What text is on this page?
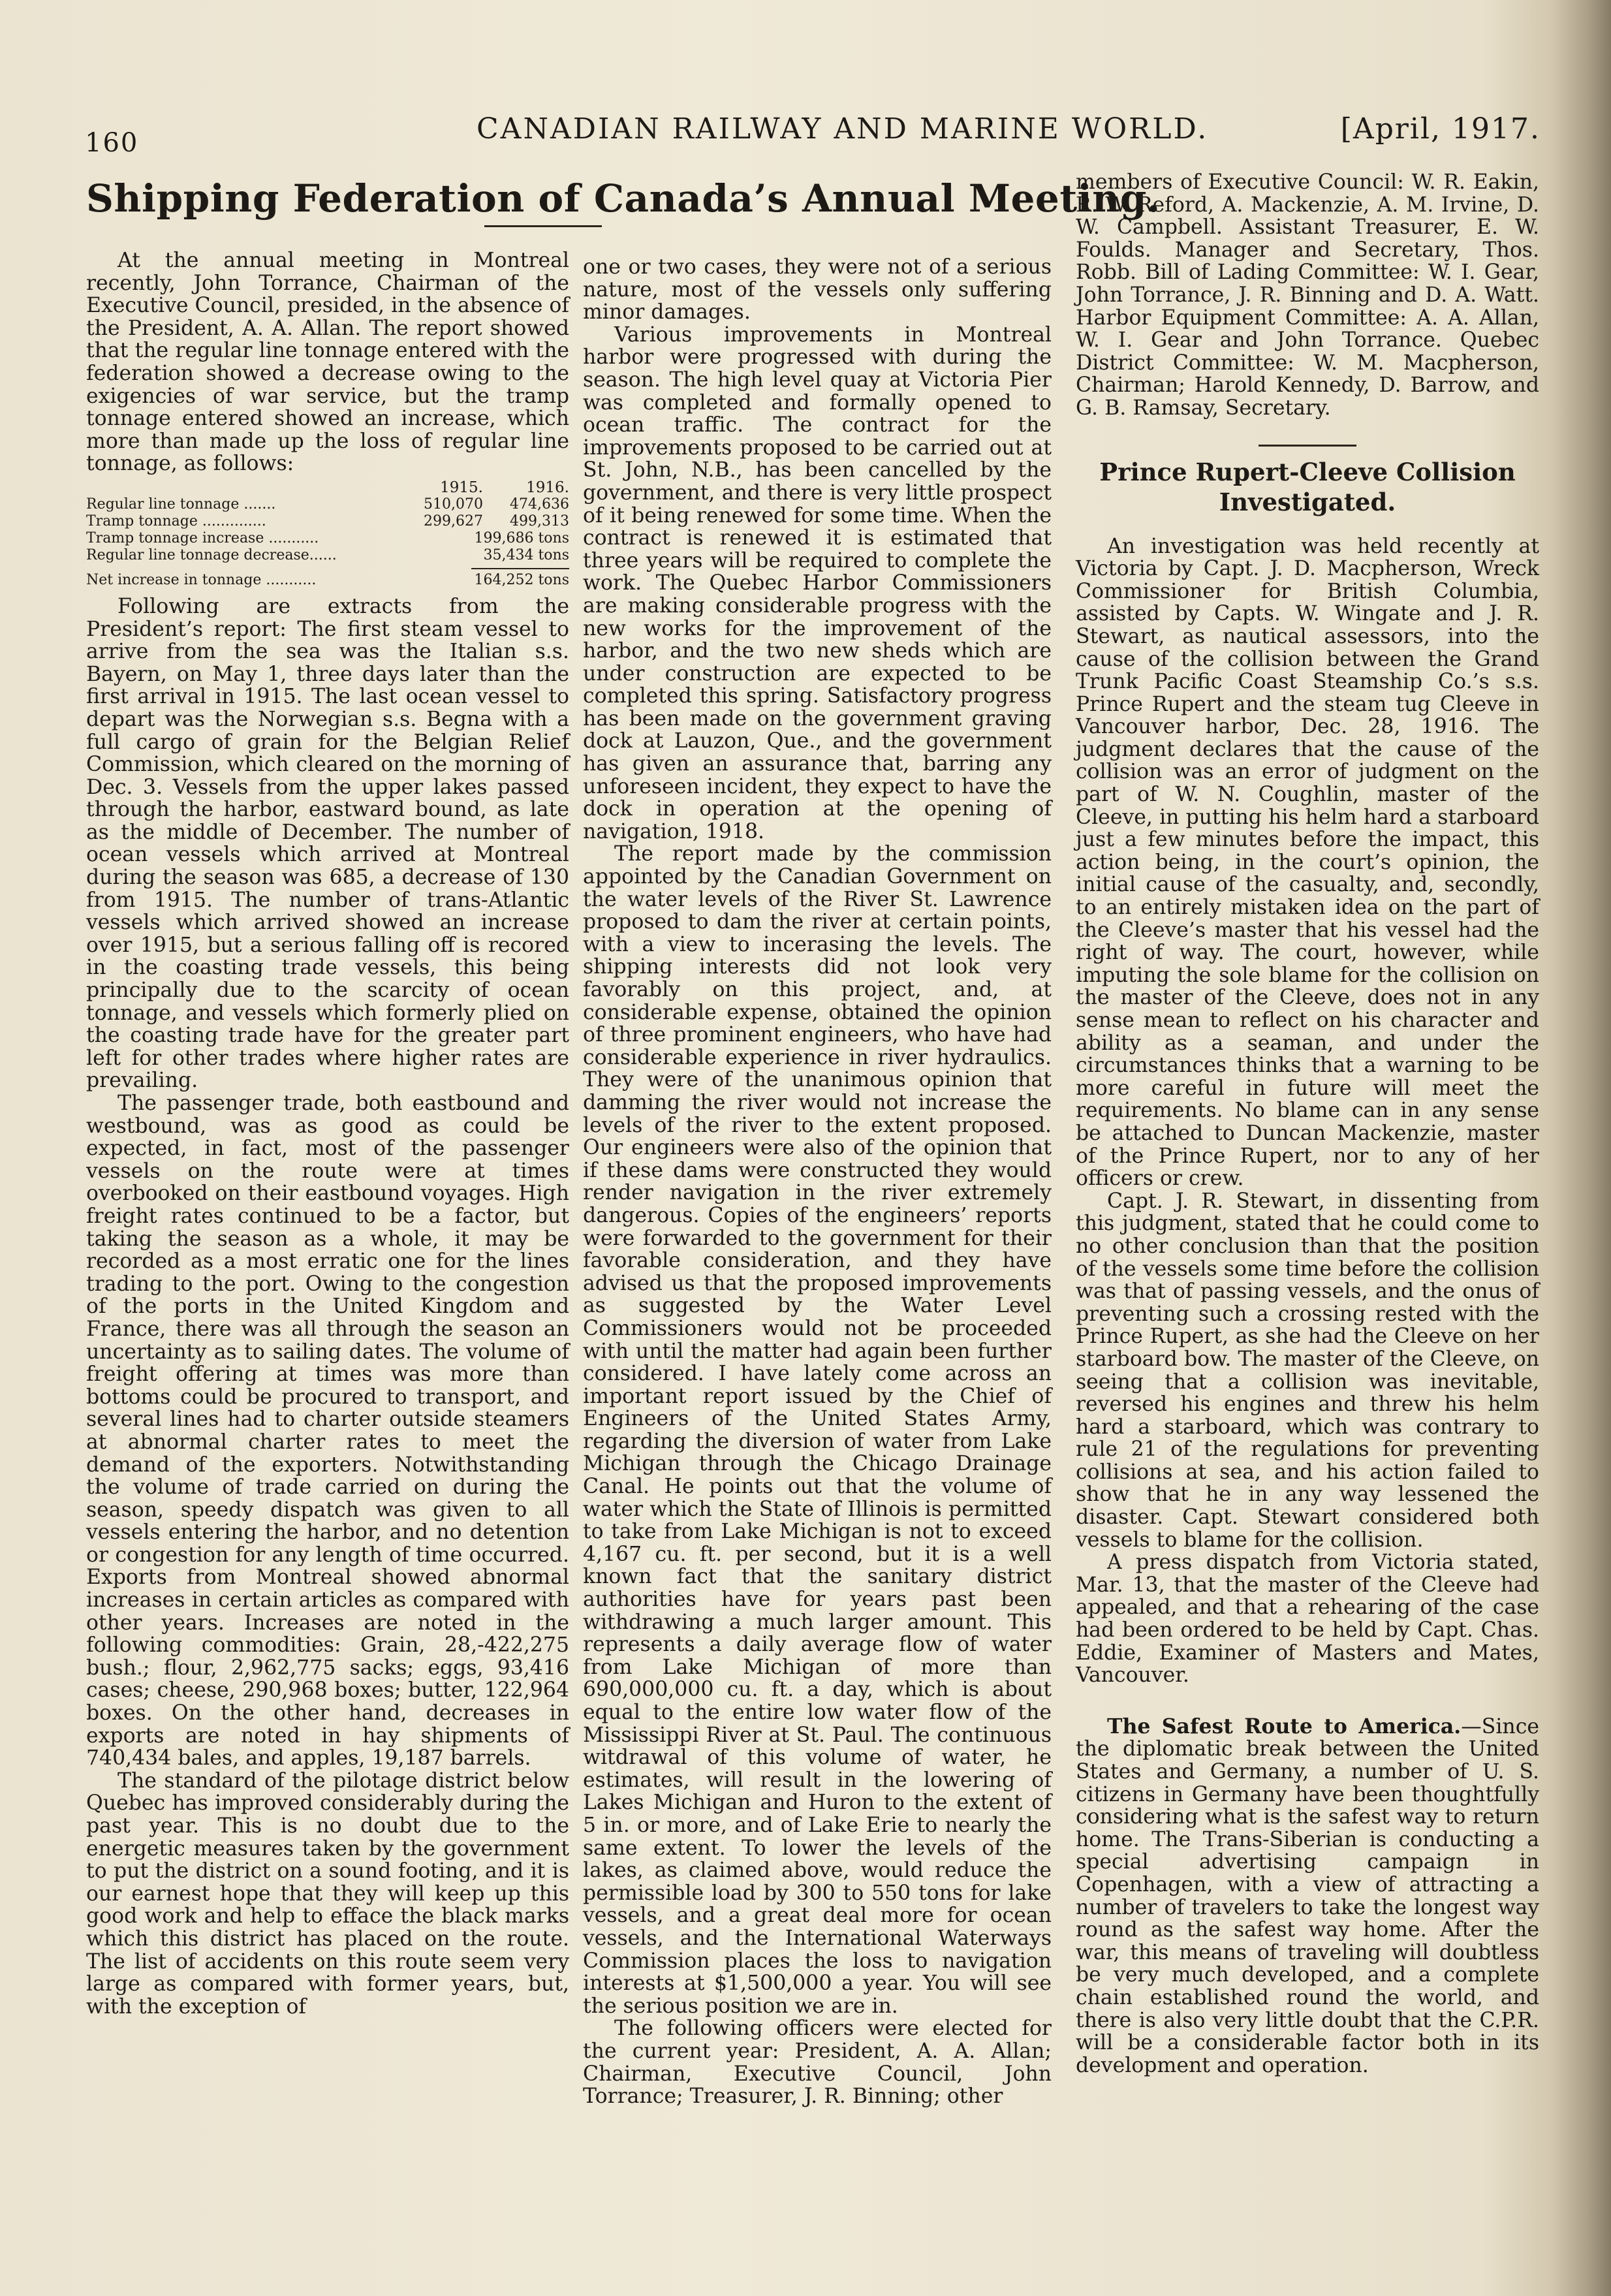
160	CANADIAN RAILWAY AND MARINE WORLD.	[April, 1917.
Shipping Federation of Canada’s Annual Meeting.

At the annual meeting in Montreal recently, John Torrance, Chairman of the Executive Council, presided, in the absence of the President, A. A. Allan. The report showed that the regular line tonnage entered with the federation showed a decrease owing to the exigencies of war service, but the tramp tonnage entered showed an increase, which more than made up the loss of regular line tonnage, as follows:

1915.	1916.
Regular line tonnage .......	510,070	474,636
Tramp tonnage ..............	299,627	499,313
Tramp tonnage increase ...........	199,686 tons
Regular line tonnage decrease......	35,434 tons
Net increase in tonnage ...........	164,252 tons

Following are extracts from the President’s report: The first steam vessel to arrive from the sea was the Italian s.s. Bayern, on May 1, three days later than the first arrival in 1915. The last ocean vessel to depart was the Norwegian s.s. Begna with a full cargo of grain for the Belgian Relief Commission, which cleared on the morning of Dec. 3. Vessels from the upper lakes passed through the harbor, eastward bound, as late as the middle of December. The number of ocean vessels which arrived at Montreal during the season was 685, a decrease of 130 from 1915. The number of trans-Atlantic vessels which arrived showed an increase over 1915, but a serious falling off is recored in the coasting trade vessels, this being principally due to the scarcity of ocean tonnage, and vessels which formerly plied on the coasting trade have for the greater part left for other trades where higher rates are prevailing.

The passenger trade, both eastbound and westbound, was as good as could be expected, in fact, most of the passenger vessels on the route were at times overbooked on their eastbound voyages. High freight rates continued to be a factor, but taking the season as a whole, it may be recorded as a most erratic one for the lines trading to the port. Owing to the congestion of the ports in the United Kingdom and France, there was all through the season an uncertainty as to sailing dates. The volume of freight offering at times was more than bottoms could be procured to transport, and several lines had to charter outside steamers at abnormal charter rates to meet the demand of the exporters. Notwithstanding the volume of trade carried on during the season, speedy dispatch was given to all vessels entering the harbor, and no detention or congestion for any length of time occurred. Exports from Montreal showed abnormal increases in certain articles as compared with other years. Increases are noted in the following commodities: Grain, 28,-422,275 bush.; flour, 2,962,775 sacks; eggs, 93,416 cases; cheese, 290,968 boxes; butter, 122,964 boxes. On the other hand, decreases in exports are noted in hay shipments of 740,434 bales, and apples, 19,187 barrels.

The standard of the pilotage district below Quebec has improved considerably during the past year. This is no doubt due to the energetic measures taken by the government to put the district on a sound footing, and it is our earnest hope that they will keep up this good work and help to efface the black marks which this district has placed on the route. The list of accidents on this route seem very large as compared with former years, but, with the exception of

one or two cases, they were not of a serious nature, most of the vessels only suffering minor damages.

Various improvements in Montreal harbor were progressed with during the season. The high level quay at Victoria Pier was completed and formally opened to ocean traffic. The contract for the improvements proposed to be carried out at St. John, N.B., has been cancelled by the government, and there is very little prospect of it being renewed for some time. When the contract is renewed it is estimated that three years will be required to complete the work. The Quebec Harbor Commissioners are making considerable progress with the new works for the improvement of the harbor, and the two new sheds which are under construction are expected to be completed this spring. Satisfactory progress has been made on the government graving dock at Lauzon, Que., and the government has given an assurance that, barring any unforeseen incident, they expect to have the dock in operation at the opening of navigation, 1918.

The report made by the commission appointed by the Canadian Government on the water levels of the River St. Lawrence proposed to dam the river at certain points, with a view to incerasing the levels. The shipping interests did not look very favorably on this project, and, at considerable expense, obtained the opinion of three prominent engineers, who have had considerable experience in river hydraulics. They were of the unanimous opinion that damming the river would not increase the levels of the river to the extent proposed. Our engineers were also of the opinion that if these dams were constructed they would render navigation in the river extremely dangerous. Copies of the engineers’ reports were forwarded to the government for their favorable consideration, and they have advised us that the proposed improvements as suggested by the Water Level Commissioners would not be proceeded with until the matter had again been further considered. I have lately come across an important report issued by the Chief of Engineers of the United States Army, regarding the diversion of water from Lake Michigan through the Chicago Drainage Canal. He points out that the volume of water which the State of Illinois is permitted to take from Lake Michigan is not to exceed 4,167 cu. ft. per second, but it is a well known fact that the sanitary district authorities have for years past been withdrawing a much larger amount. This represents a daily average flow of water from Lake Michigan of more than 690,000,000 cu. ft. a day, which is about equal to the entire low water flow of the Mississippi River at St. Paul. The continuous witdrawal of this volume of water, he estimates, will result in the lowering of Lakes Michigan and Huron to the extent of 5 in. or more, and of Lake Erie to nearly the same extent. To lower the levels of the lakes, as claimed above, would reduce the permissible load by 300 to 550 tons for lake vessels, and a great deal more for ocean vessels, and the International Waterways Commission places the loss to navigation interests at $1,500,000 a year. You will see the serious position we are in.

The following officers were elected for the current year: President, A. A. Allan; Chairman, Executive Council, John Torrance; Treasurer, J. R. Binning; other

members of Executive Council: W. R. Eakin, R. W. Reford, A. Mackenzie, A. M. Irvine, D. W. Campbell. Assistant Treasurer, E. W. Foulds. Manager and Secretary, Thos. Robb. Bill of Lading Committee: W. I. Gear, John Torrance, J. R. Binning and D. A. Watt. Harbor Equipment Committee: A. A. Allan, W. I. Gear and John Torrance. Quebec District Committee: W. M. Macpherson, Chairman; Harold Kennedy, D. Barrow, and G. B. Ramsay, Secretary.

Prince Rupert-Cleeve Collision Investigated.

An investigation was held recently at Victoria by Capt. J. D. Macpherson, Wreck Commissioner for British Columbia, assisted by Capts. W. Wingate and J. R. Stewart, as nautical assessors, into the cause of the collision between the Grand Trunk Pacific Coast Steamship Co.’s s.s. Prince Rupert and the steam tug Cleeve in Vancouver harbor, Dec. 28, 1916. The judgment declares that the cause of the collision was an error of judgment on the part of W. N. Coughlin, master of the Cleeve, in putting his helm hard a starboard just a few minutes before the impact, this action being, in the court’s opinion, the initial cause of the casualty, and, secondly, to an entirely mistaken idea on the part of the Cleeve’s master that his vessel had the right of way. The court, however, while imputing the sole blame for the collision on the master of the Cleeve, does not in any sense mean to reflect on his character and ability as a seaman, and under the circumstances thinks that a warning to be more careful in future will meet the requirements. No blame can in any sense be attached to Duncan Mackenzie, master of the Prince Rupert, nor to any of her officers or crew.

Capt. J. R. Stewart, in dissenting from this judgment, stated that he could come to no other conclusion than that the position of the vessels some time before the collision was that of passing vessels, and the onus of preventing such a crossing rested with the Prince Rupert, as she had the Cleeve on her starboard bow. The master of the Cleeve, on seeing that a collision was inevitable, reversed his engines and threw his helm hard a starboard, which was contrary to rule 21 of the regulations for preventing collisions at sea, and his action failed to show that he in any way lessened the disaster. Capt. Stewart considered both vessels to blame for the collision.

A press dispatch from Victoria stated, Mar. 13, that the master of the Cleeve had appealed, and that a rehearing of the case had been ordered to be held by Capt. Chas. Eddie, Examiner of Masters and Mates, Vancouver.

The Safest Route to America.—Since the diplomatic break between the United States and Germany, a number of U. S. citizens in Germany have been thoughtfully considering what is the safest way to return home. The Trans-Siberian is conducting a special advertising campaign in Copenhagen, with a view of attracting a number of travelers to take the longest way round as the safest way home. After the war, this means of traveling will doubtless be very much developed, and a complete chain established round the world, and there is also very little doubt that the C.P.R. will be a considerable factor both in its development and operation.
